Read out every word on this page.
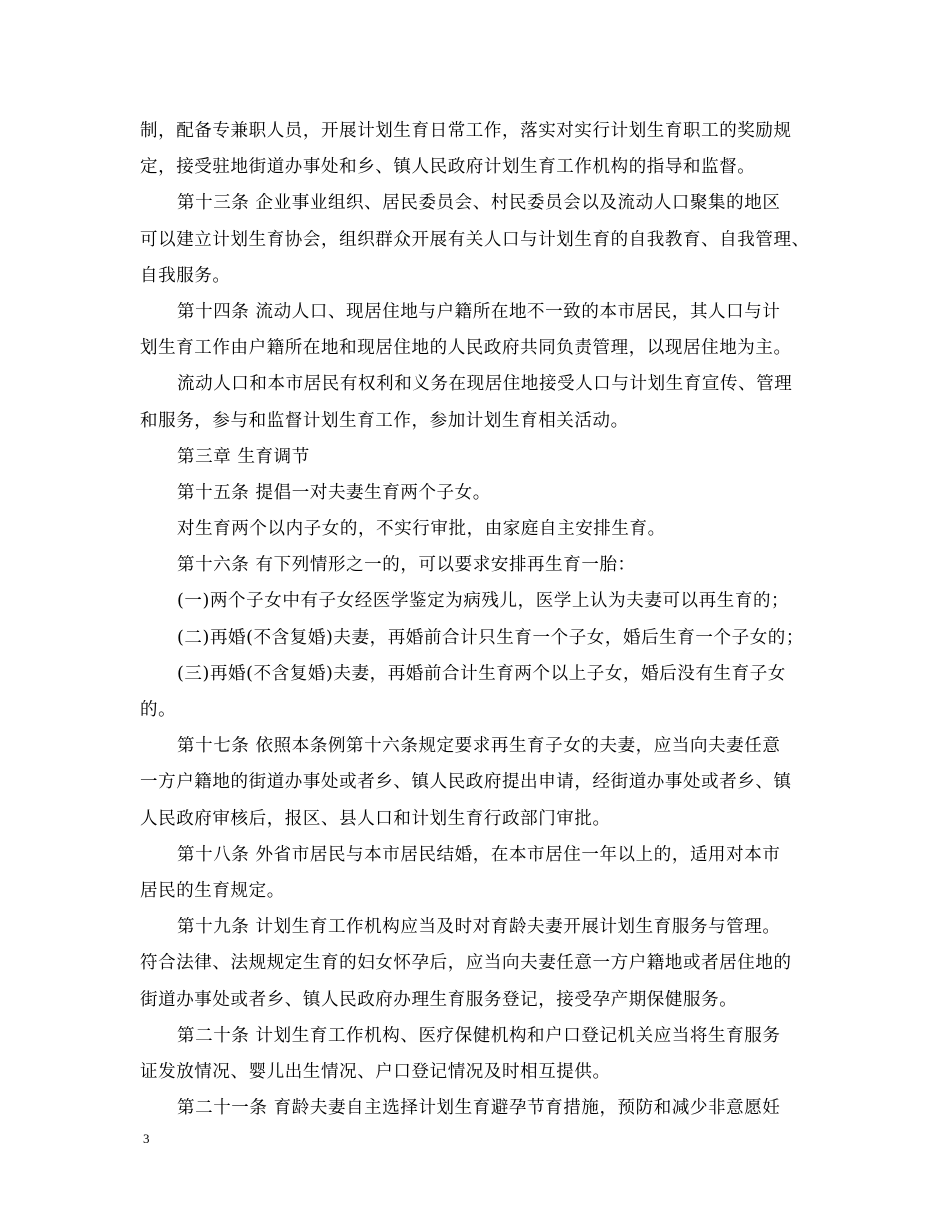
制，配备专兼职人员，开展计划生育日常工作，落实对实行计划生育职工的奖励规
定，接受驻地街道办事处和乡、镇人民政府计划生育工作机构的指导和监督。
第十三条 企业事业组织、居民委员会、村民委员会以及流动人口聚集的地区
可以建立计划生育协会，组织群众开展有关人口与计划生育的自我教育、自我管理、
自我服务。
第十四条 流动人口、现居住地与户籍所在地不一致的本市居民，其人口与计
划生育工作由户籍所在地和现居住地的人民政府共同负责管理，以现居住地为主。
流动人口和本市居民有权利和义务在现居住地接受人口与计划生育宣传、管理
和服务，参与和监督计划生育工作，参加计划生育相关活动。
第三章 生育调节
第十五条 提倡一对夫妻生育两个子女。
对生育两个以内子女的，不实行审批，由家庭自主安排生育。
第十六条 有下列情形之一的，可以要求安排再生育一胎：
(一)两个子女中有子女经医学鉴定为病残儿，医学上认为夫妻可以再生育的；
(二)再婚(不含复婚)夫妻，再婚前合计只生育一个子女，婚后生育一个子女的；
(三)再婚(不含复婚)夫妻，再婚前合计生育两个以上子女，婚后没有生育子女
的。
第十七条 依照本条例第十六条规定要求再生育子女的夫妻，应当向夫妻任意
一方户籍地的街道办事处或者乡、镇人民政府提出申请，经街道办事处或者乡、镇
人民政府审核后，报区、县人口和计划生育行政部门审批。
第十八条 外省市居民与本市居民结婚，在本市居住一年以上的，适用对本市
居民的生育规定。
第十九条 计划生育工作机构应当及时对育龄夫妻开展计划生育服务与管理。
符合法律、法规规定生育的妇女怀孕后，应当向夫妻任意一方户籍地或者居住地的
街道办事处或者乡、镇人民政府办理生育服务登记，接受孕产期保健服务。
第二十条 计划生育工作机构、医疗保健机构和户口登记机关应当将生育服务
证发放情况、婴儿出生情况、户口登记情况及时相互提供。
第二十一条 育龄夫妻自主选择计划生育避孕节育措施，预防和减少非意愿妊
3
